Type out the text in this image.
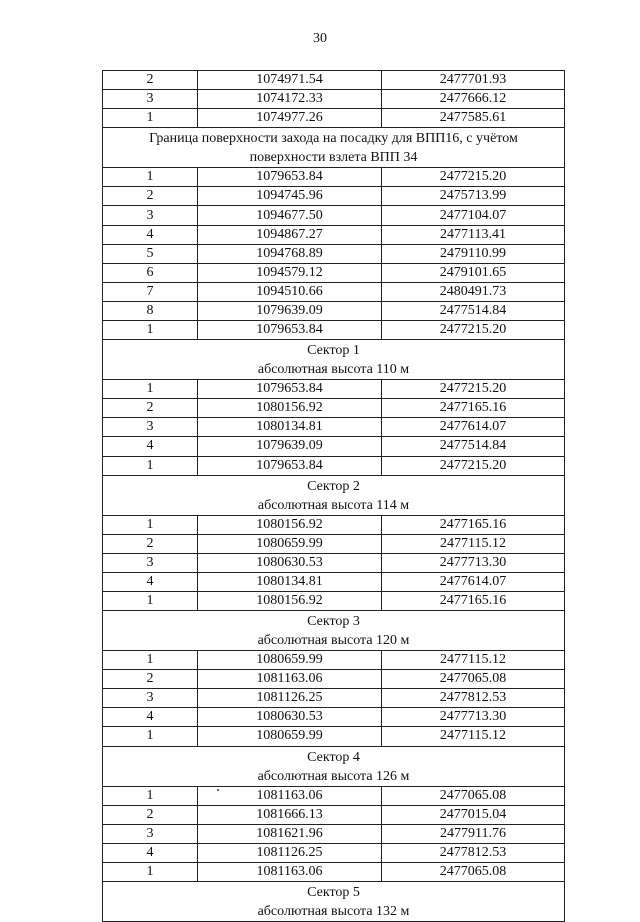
30
2	1074971.54	2477701.93
3	1074172.33	2477666.12
1	1074977.26	2477585.61

Граница поверхности захода на посадку для ВПП16, с учётом
поверхности взлета ВПП 34		

1	1079653.84	2477215.20
2	1094745.96	2475713.99
3	1094677.50	2477104.07
4	1094867.27	2477113.41
5	1094768.89	2479110.99
6	1094579.12	2479101.65
7	1094510.66	2480491.73
8	1079639.09	2477514.84
1	1079653.84	2477215.20

Сектор 1
абсолютная высота 110 м		

1	1079653.84	2477215.20
2	1080156.92	2477165.16
3	1080134.81	2477614.07
4	1079639.09	2477514.84
1	1079653.84	2477215.20

Сектор 2
абсолютная высота 114 м		

1	1080156.92	2477165.16
2	1080659.99	2477115.12
3	1080630.53	2477713.30
4	1080134.81	2477614.07
1	1080156.92	2477165.16

Сектор 3
абсолютная высота 120 м		

1	1080659.99	2477115.12
2	1081163.06	2477065.08
3	1081126.25	2477812.53
4	1080630.53	2477713.30
1	1080659.99	2477115.12

Сектор 4
абсолютная высота 126 м		

1	1081163.06	2477065.08
2	1081666.13	2477015.04
3	1081621.96	2477911.76
4	1081126.25	2477812.53
1	1081163.06	2477065.08

Сектор 5
абсолютная высота 132 м		
